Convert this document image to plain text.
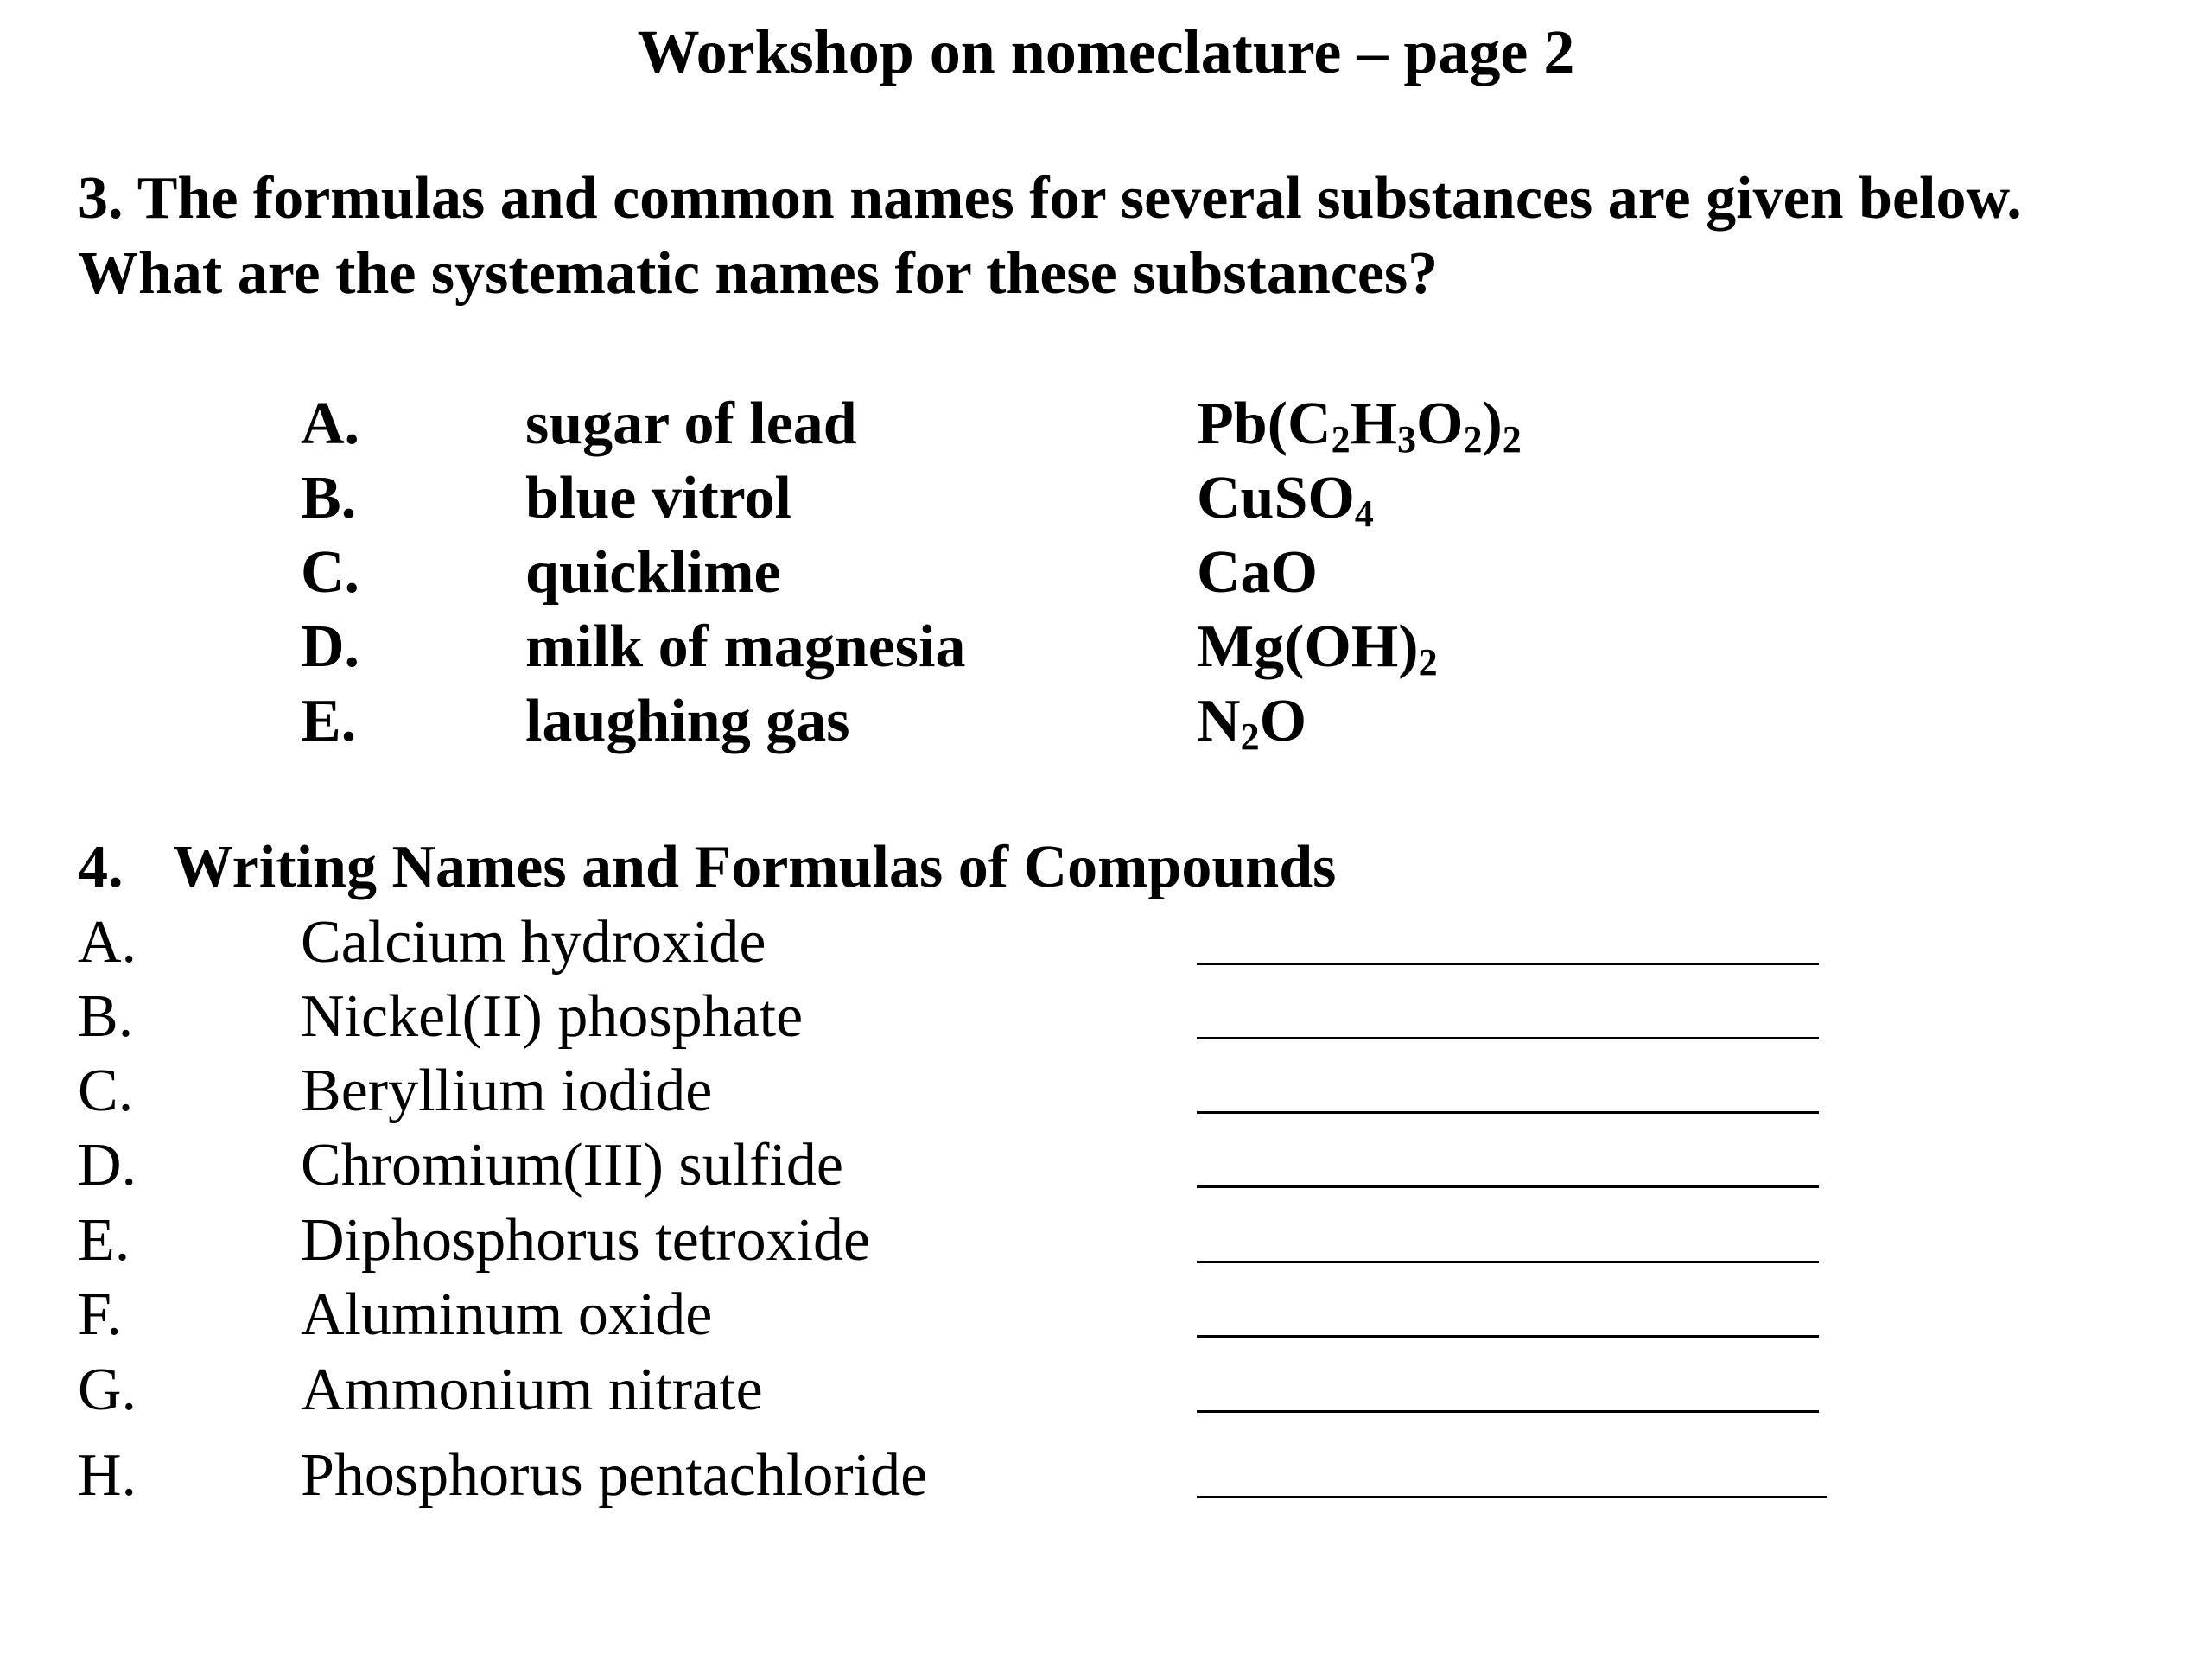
Workshop on nomeclature – page 2
3. The formulas and common names for several substances are given below.
What are the systematic names for these substances?
A.	sugar of lead	$Pb(C_2H_3O_2)_2$
B.	blue vitrol	CuSO$_4$
C.	quicklime	CaO
D.	milk of magnesia	$Mg(OH)_2$
E.	laughing gas	$N_2O$
4. Writing Names and Formulas of Compounds
A.	Calcium hydroxide
B.	Nickel(II) phosphate
C.	Beryllium iodide
D.	Chromium(III) sulfide
E.	Diphosphorus tetroxide
F.	Aluminum oxide
G.	Ammonium nitrate
H.	Phosphorus pentachloride
